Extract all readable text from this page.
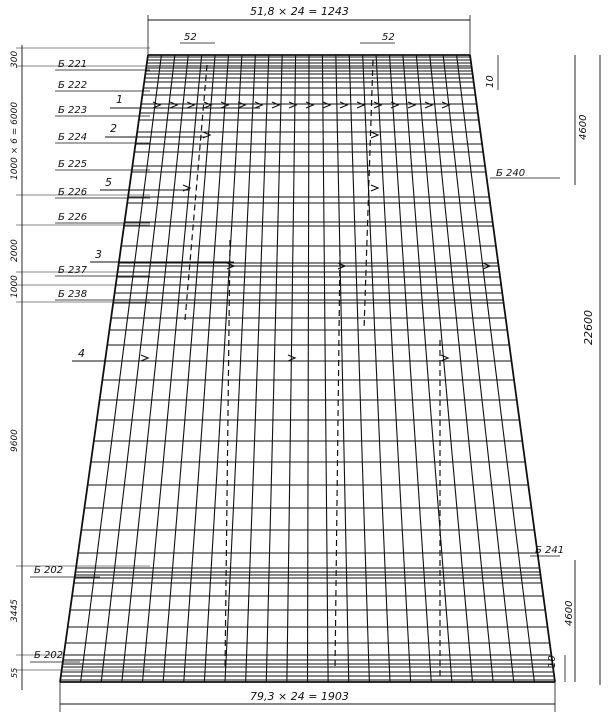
51,8 × 24 = 1243
79,3 × 24 = 1903
52	52
10
10
4600
22600
4600
300
1000 × 6 = 6000
2000
1000
9600
3445
55
Б 221
Б 222
Б 223
Б 224
Б 225
Б 226
Б 226
Б 237
Б 238
Б 202
Б 202
Б 240
Б 241
1
2
5
3
4
